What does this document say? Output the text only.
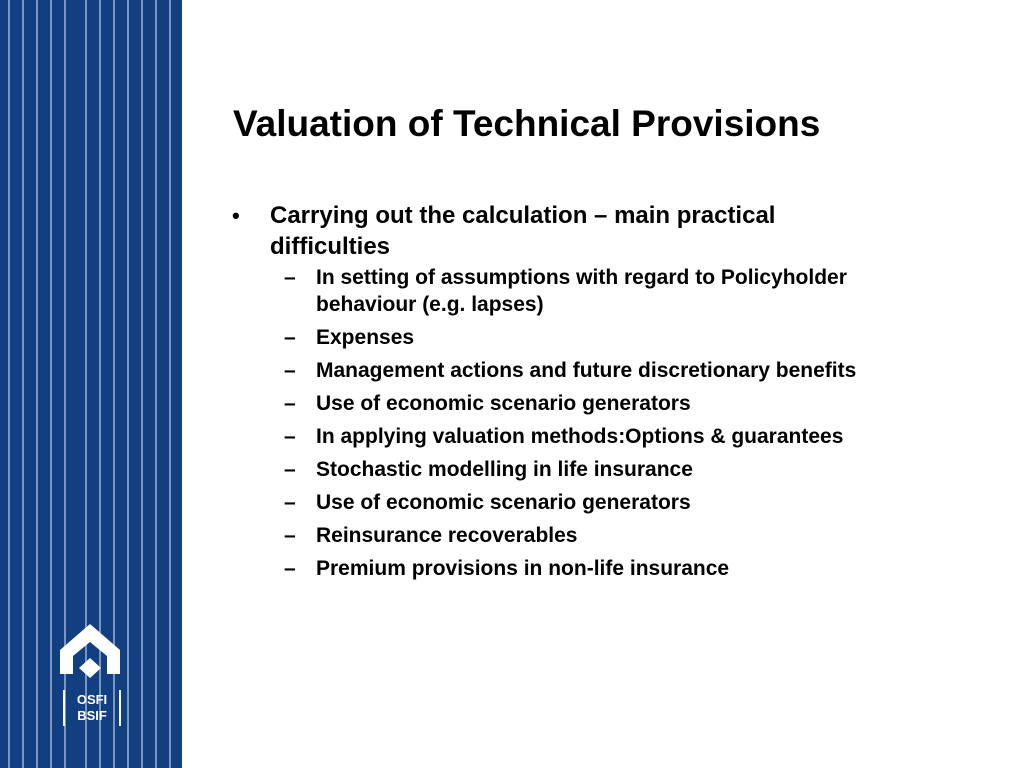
OSFI
BSIF
Valuation of Technical Provisions
• Carrying out the calculation – main practical difficulties
– In setting of assumptions with regard to Policyholder behaviour (e.g. lapses)
– Expenses
– Management actions and future discretionary benefits
– Use of economic scenario generators
– In applying valuation methods:Options & guarantees
– Stochastic modelling in life insurance
– Use of economic scenario generators
– Reinsurance recoverables
– Premium provisions in non-life insurance
